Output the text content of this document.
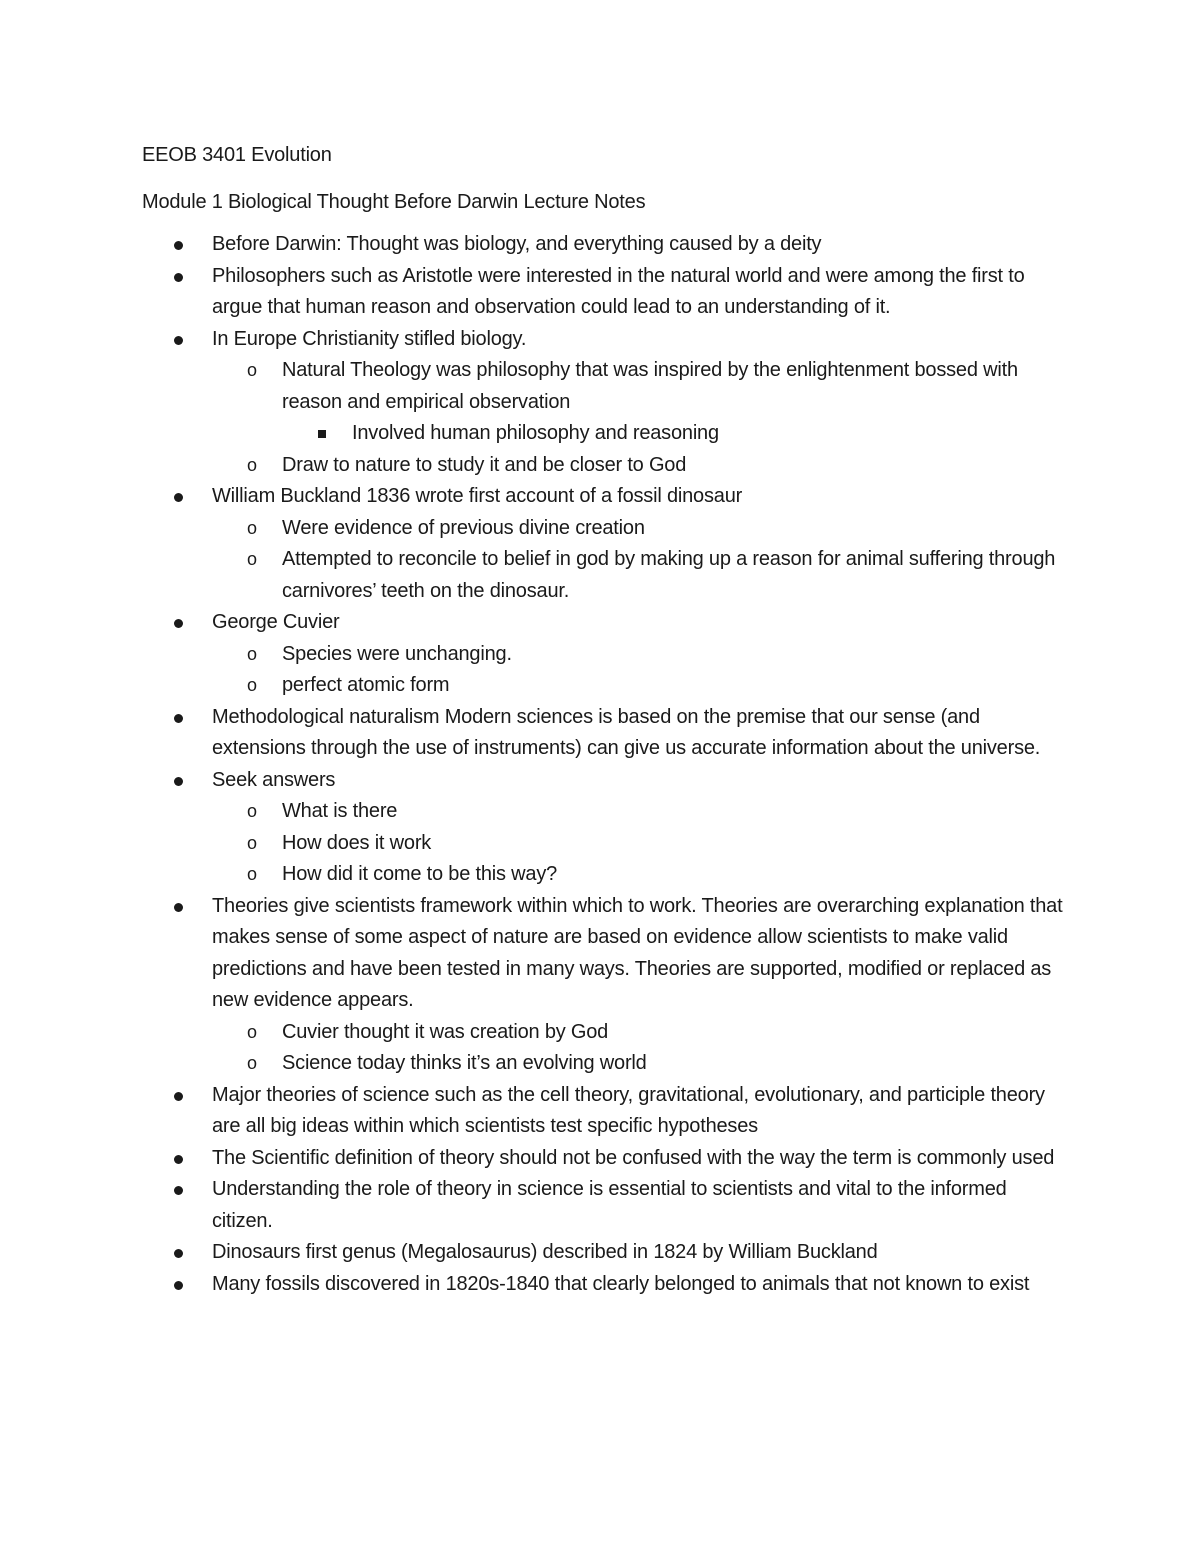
EEOB 3401 Evolution
Module 1 Biological Thought Before Darwin Lecture Notes
Before Darwin: Thought was biology, and everything caused by a deity
Philosophers such as Aristotle were interested in the natural world and were among the first to argue that human reason and observation could lead to an understanding of it.
In Europe Christianity stifled biology.
o Natural Theology was philosophy that was inspired by the enlightenment bossed with reason and empirical observation
Involved human philosophy and reasoning
o Draw to nature to study it and be closer to God
William Buckland 1836 wrote first account of a fossil dinosaur
o Were evidence of previous divine creation
o Attempted to reconcile to belief in god by making up a reason for animal suffering through carnivores’ teeth on the dinosaur.
George Cuvier
o Species were unchanging.
o perfect atomic form
Methodological naturalism Modern sciences is based on the premise that our sense (and extensions through the use of instruments) can give us accurate information about the universe.
Seek answers
o What is there
o How does it work
o How did it come to be this way?
Theories give scientists framework within which to work. Theories are overarching explanation that makes sense of some aspect of nature are based on evidence allow scientists to make valid predictions and have been tested in many ways. Theories are supported, modified or replaced as new evidence appears.
o Cuvier thought it was creation by God
o Science today thinks it’s an evolving world
Major theories of science such as the cell theory, gravitational, evolutionary, and participle theory are all big ideas within which scientists test specific hypotheses
The Scientific definition of theory should not be confused with the way the term is commonly used
Understanding the role of theory in science is essential to scientists and vital to the informed citizen.
Dinosaurs first genus (Megalosaurus) described in 1824 by William Buckland
Many fossils discovered in 1820s-1840 that clearly belonged to animals that not known to exist
